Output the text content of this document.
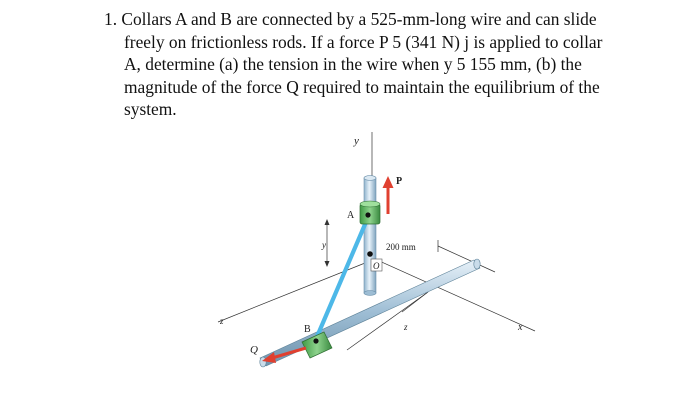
1. Collars A and B are connected by a 525-mm-long wire and can slide
freely on frictionless rods. If a force P 5 (341 N) j is applied to collar
A, determine (a) the tension in the wire when y 5 155 mm, (b) the
magnitude of the force Q required to maintain the equilibrium of the
system.
y
P
A
y	200 mm
O
B
Q
z
z	x
